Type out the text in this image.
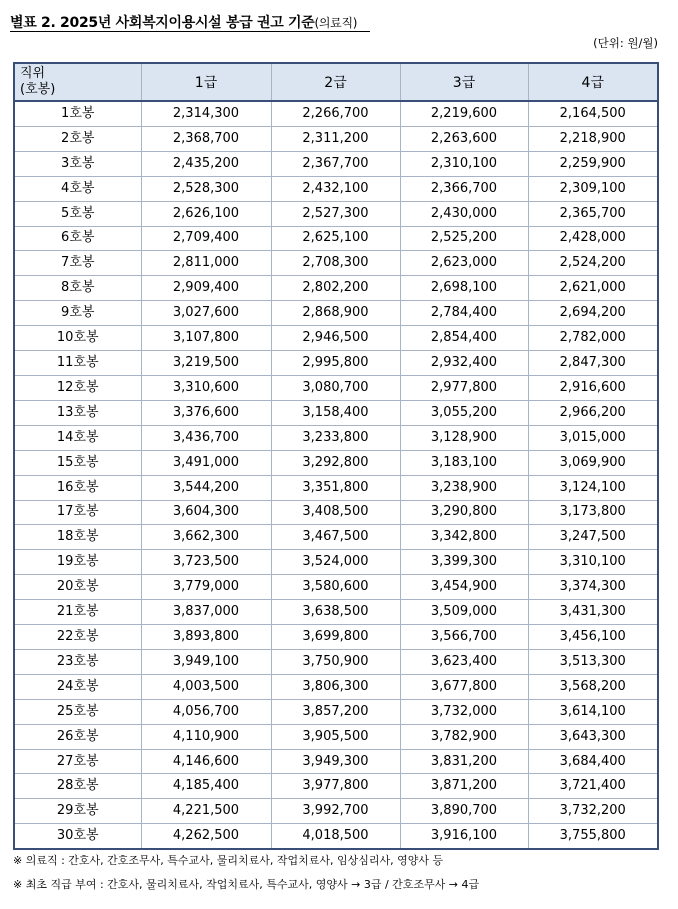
별표 2. 2025년 사회복지이용시설 봉급 권고 기준(의료직)
(단위: 원/월)
직위
(호봉)	1급	2급	3급	4급
1호봉	2,314,300	2,266,700	2,219,600	2,164,500
2호봉	2,368,700	2,311,200	2,263,600	2,218,900
3호봉	2,435,200	2,367,700	2,310,100	2,259,900
4호봉	2,528,300	2,432,100	2,366,700	2,309,100
5호봉	2,626,100	2,527,300	2,430,000	2,365,700
6호봉	2,709,400	2,625,100	2,525,200	2,428,000
7호봉	2,811,000	2,708,300	2,623,000	2,524,200
8호봉	2,909,400	2,802,200	2,698,100	2,621,000
9호봉	3,027,600	2,868,900	2,784,400	2,694,200
10호봉	3,107,800	2,946,500	2,854,400	2,782,000
11호봉	3,219,500	2,995,800	2,932,400	2,847,300
12호봉	3,310,600	3,080,700	2,977,800	2,916,600
13호봉	3,376,600	3,158,400	3,055,200	2,966,200
14호봉	3,436,700	3,233,800	3,128,900	3,015,000
15호봉	3,491,000	3,292,800	3,183,100	3,069,900
16호봉	3,544,200	3,351,800	3,238,900	3,124,100
17호봉	3,604,300	3,408,500	3,290,800	3,173,800
18호봉	3,662,300	3,467,500	3,342,800	3,247,500
19호봉	3,723,500	3,524,000	3,399,300	3,310,100
20호봉	3,779,000	3,580,600	3,454,900	3,374,300
21호봉	3,837,000	3,638,500	3,509,000	3,431,300
22호봉	3,893,800	3,699,800	3,566,700	3,456,100
23호봉	3,949,100	3,750,900	3,623,400	3,513,300
24호봉	4,003,500	3,806,300	3,677,800	3,568,200
25호봉	4,056,700	3,857,200	3,732,000	3,614,100
26호봉	4,110,900	3,905,500	3,782,900	3,643,300
27호봉	4,146,600	3,949,300	3,831,200	3,684,400
28호봉	4,185,400	3,977,800	3,871,200	3,721,400
29호봉	4,221,500	3,992,700	3,890,700	3,732,200
30호봉	4,262,500	4,018,500	3,916,100	3,755,800
※ 의료직 : 간호사, 간호조무사, 특수교사, 물리치료사, 작업치료사, 임상심리사, 영양사 등
※ 최초 직급 부여 : 간호사, 물리치료사, 작업치료사, 특수교사, 영양사 → 3급 / 간호조무사 → 4급
